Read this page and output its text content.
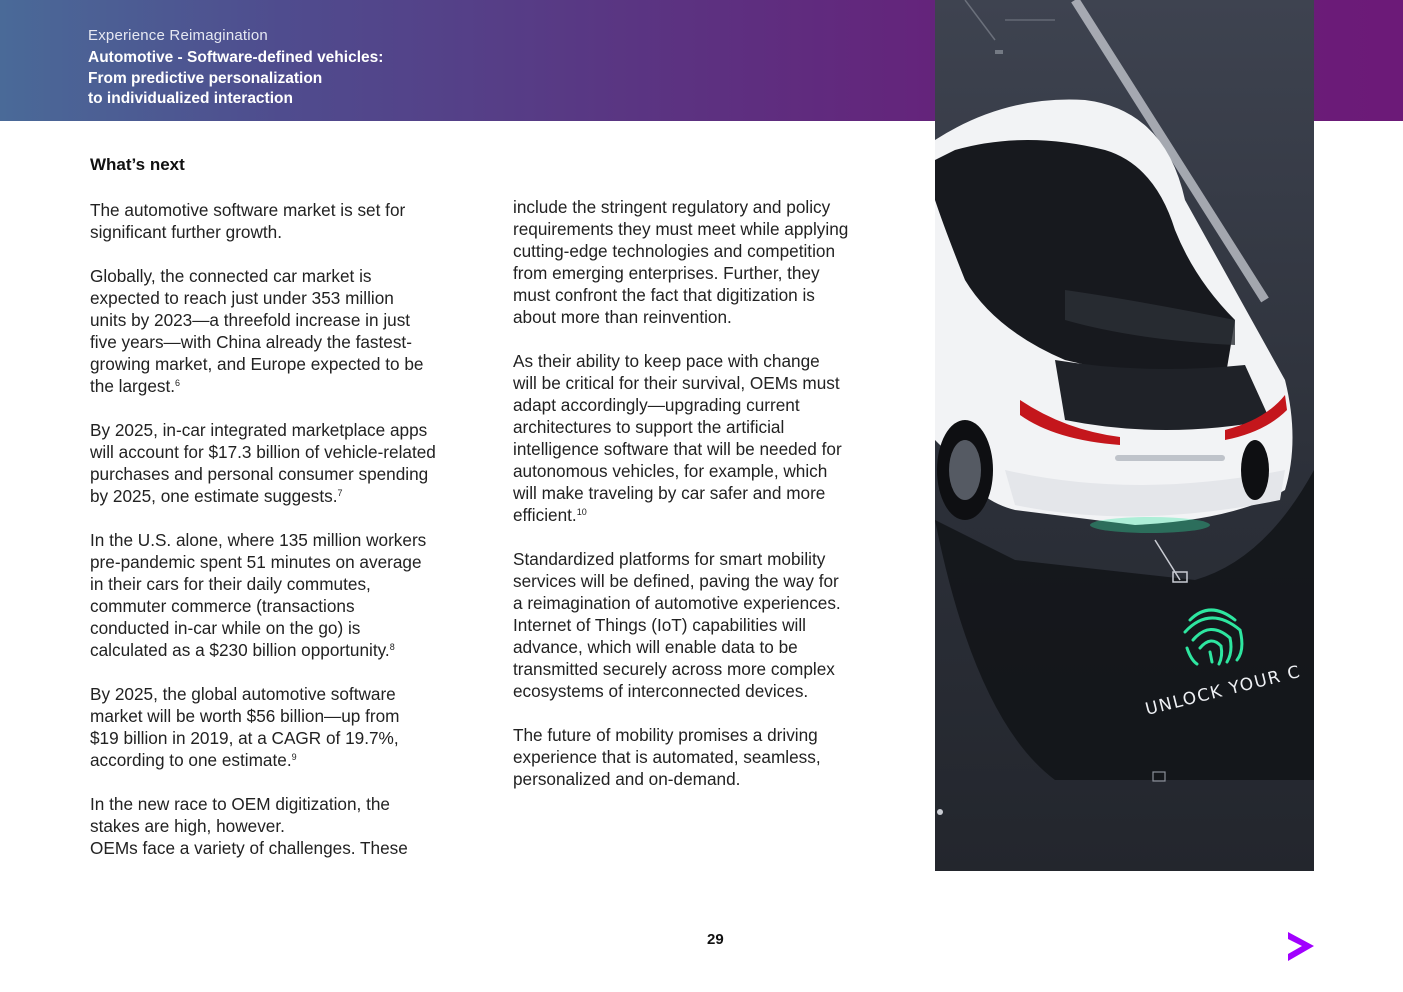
Experience Reimagination
Automotive - Software-defined vehicles:
From predictive personalization
to individualized interaction
What’s next
The automotive software market is set for
significant further growth.
Globally, the connected car market is
expected to reach just under 353 million
units by 2023—a threefold increase in just
five years—with China already the fastest-
growing market, and Europe expected to be
the largest.$^6$
By 2025, in-car integrated marketplace apps
will account for $17.3 billion of vehicle-related
purchases and personal consumer spending
by 2025, one estimate suggests.$^7$
In the U.S. alone, where 135 million workers
pre-pandemic spent 51 minutes on average
in their cars for their daily commutes,
commuter commerce (transactions
conducted in-car while on the go) is
calculated as a $230 billion opportunity.$^8$
By 2025, the global automotive software
market will be worth $56 billion—up from
$19 billion in 2019, at a CAGR of 19.7%,
according to one estimate.$^9$
In the new race to OEM digitization, the
stakes are high, however.
OEMs face a variety of challenges. These
include the stringent regulatory and policy
requirements they must meet while applying
cutting-edge technologies and competition
from emerging enterprises. Further, they
must confront the fact that digitization is
about more than reinvention.
As their ability to keep pace with change
will be critical for their survival, OEMs must
adapt accordingly—upgrading current
architectures to support the artificial
intelligence software that will be needed for
autonomous vehicles, for example, which
will make traveling by car safer and more
efficient.$^{10}$
Standardized platforms for smart mobility
services will be defined, paving the way for
a reimagination of automotive experiences.
Internet of Things (IoT) capabilities will
advance, which will enable data to be
transmitted securely across more complex
ecosystems of interconnected devices.
The future of mobility promises a driving
experience that is automated, seamless,
personalized and on-demand.
UNLOCK YOUR C
29
